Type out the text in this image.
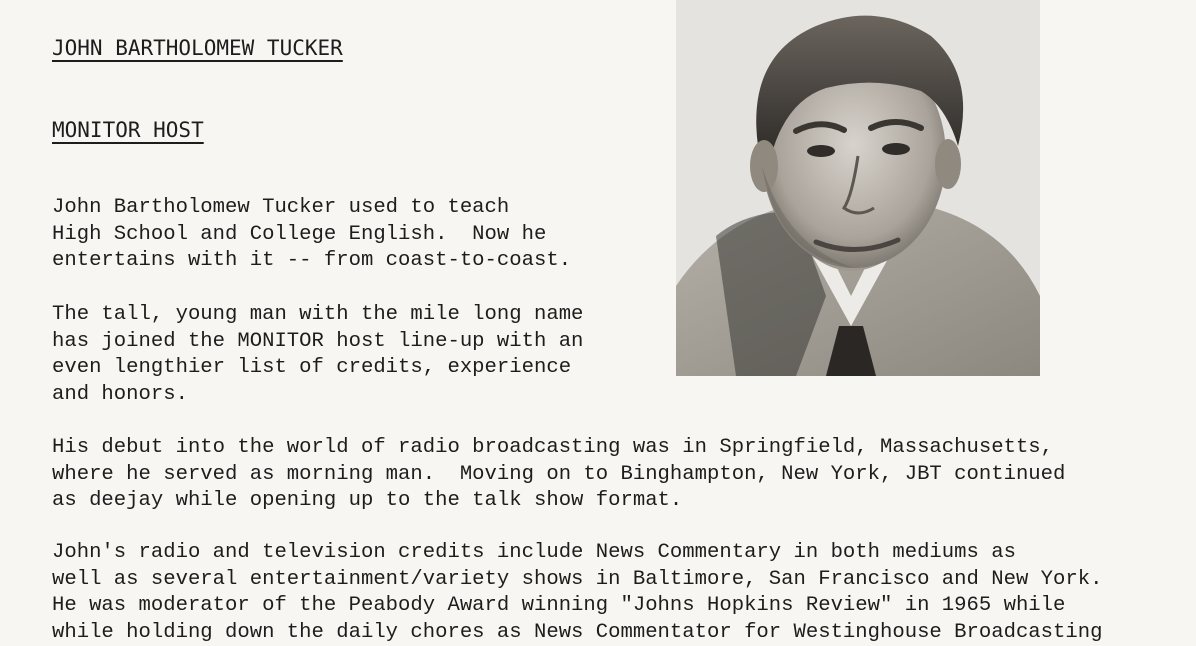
JOHN BARTHOLOMEW TUCKER
MONITOR HOST
John Bartholomew Tucker used to teach
High School and College English.  Now he
entertains with it -- from coast-to-coast.
The tall, young man with the mile long name
has joined the MONITOR host line-up with an
even lengthier list of credits, experience
and honors.
His debut into the world of radio broadcasting was in Springfield, Massachusetts,
where he served as morning man.  Moving on to Binghampton, New York, JBT continued
as deejay while opening up to the talk show format.
John's radio and television credits include News Commentary in both mediums as
well as several entertainment/variety shows in Baltimore, San Francisco and New York.
He was moderator of the Peabody Award winning "Johns Hopkins Review" in 1965 while
while holding down the daily chores as News Commentator for Westinghouse Broadcasting
